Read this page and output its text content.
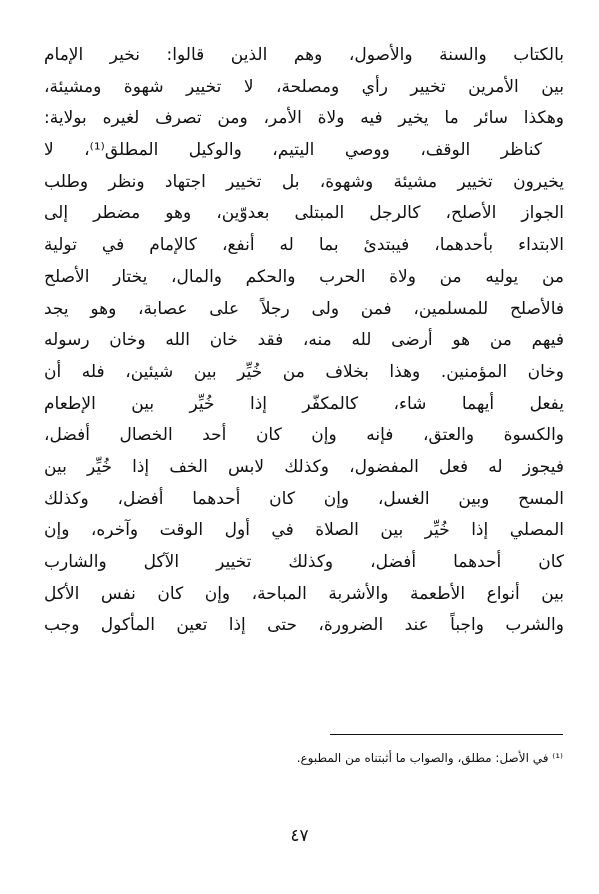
بالكتاب والسنة والأصول، وهم الذين قالوا: نخير الإمام
بين الأمرين تخيير رأي ومصلحة، لا تخيير شهوة ومشيئة،
وهكذا سائر ما يخير فيه ولاة الأمر، ومن تصرف لغيره بولاية:
كناظر الوقف، ووصي اليتيم، والوكيل المطلق⁽¹⁾، لا
يخيرون تخيير مشيئة وشهوة، بل تخيير اجتهاد ونظر وطلب
الجواز الأصلح، كالرجل المبتلى بعدوّين، وهو مضطر إلى
الابتداء بأحدهما، فيبتدئ بما له أنفع، كالإمام في تولية
من يوليه من ولاة الحرب والحكم والمال، يختار الأصلح
فالأصلح للمسلمين، فمن ولى رجلاً على عصابة، وهو يجد
فيهم من هو أرضى لله منه، فقد خان الله وخان رسوله
وخان المؤمنين. وهذا بخلاف من خُيِّر بين شيئين، فله أن
يفعل أيهما شاء، كالمكفّر إذا خُيِّر بين الإطعام
والكسوة والعتق، فإنه وإن كان أحد الخصال أفضل،
فيجوز له فعل المفضول، وكذلك لابس الخف إذا خُيِّر بين
المسح وبين الغسل، وإن كان أحدهما أفضل، وكذلك
المصلي إذا خُيِّر بين الصلاة في أول الوقت وآخره، وإن
كان أحدهما أفضل، وكذلك تخيير الآكل والشارب
بين أنواع الأطعمة والأشربة المباحة، وإن كان نفس الأكل
والشرب واجباً عند الضرورة، حتى إذا تعين المأكول وجب
⁽¹⁾ في الأصل: مطلق، والصواب ما أثبتناه من المطبوع.
٤٧
